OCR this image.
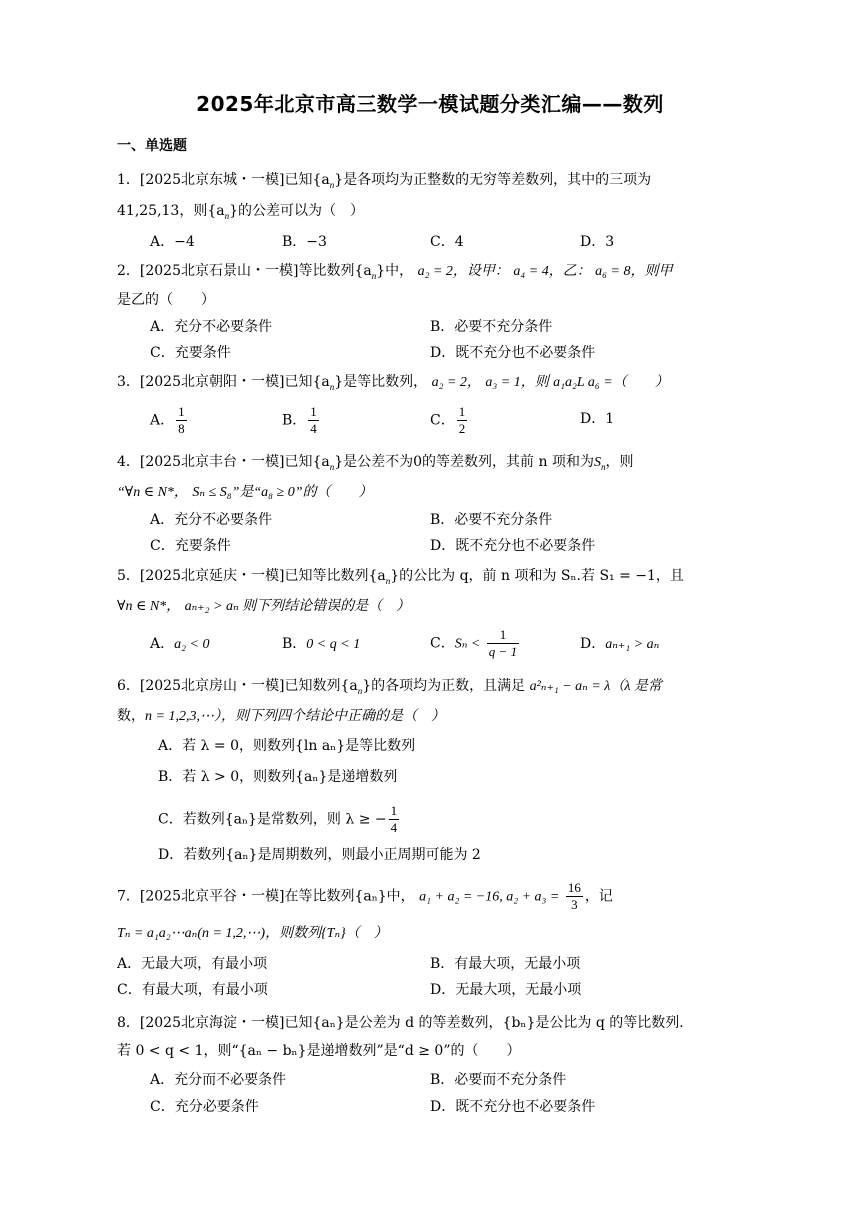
2025年北京市高三数学一模试题分类汇编——数列
一、单选题
1．[2025北京东城・一模]已知$\{a_n\}$是各项均为正整数的无穷等差数列，其中的三项为
41,25,13，则$\{a_n\}$的公差可以为（　）
A．−4	B．−3	C．4	D．3
2．[2025北京石景山・一模]等比数列$\{a_n\}$中， a₂ = 2，设甲： a₄ = 4，乙： a₆ = 8，则甲
是乙的（　　）
A．充分不必要条件	B．必要不充分条件
C．充要条件	D．既不充分也不必要条件
3．[2025北京朝阳・一模]已知$\{a_n\}$是等比数列， a₂ = 2， a₃ = 1，则 a₁a₂L a₆ =（　　）
A． $\frac{1}{8}$	B． $\frac{1}{4}$	C． $\frac{1}{2}$	D．1
4．[2025北京丰台・一模]已知$\{a_n\}$是公差不为0的等差数列，其前 n 项和为$S_n$，则
“∀n ∈ N*， Sₙ ≤ S₈”是“a₈ ≥ 0”的（　　）
A．充分不必要条件	B．必要不充分条件
C．充要条件	D．既不充分也不必要条件
5．[2025北京延庆・一模]已知等比数列$\{a_n\}$的公比为 q，前 n 项和为 Sₙ.若 S₁ = −1，且
∀n ∈ N*， aₙ₊₂ > aₙ 则下列结论错误的是（　）
A．a₂ < 0	B．0 < q < 1	C．$S_n < \frac{1}{q - 1}$	D．aₙ₊₁ > aₙ
6．[2025北京房山・一模]已知数列$\{a_n\}$的各项均为正数，且满足 a²ₙ₊₁ − aₙ = λ（λ 是常
数，n = 1,2,3,⋯），则下列四个结论中正确的是（　）
A．若 λ = 0，则数列{ln aₙ}是等比数列
B．若 λ > 0，则数列{aₙ}是递增数列
C．若数列{aₙ}是常数列，则 λ ≥ − $\frac{1}{4}$
D．若数列{aₙ}是周期数列，则最小正周期可能为 2
7．[2025北京平谷・一模]在等比数列{aₙ}中， a₁ + a₂ = −16, $a_2 + a_3 = \frac{16}{3}$ ，记
Tₙ = a₁a₂⋯aₙ(n = 1,2,⋯)，则数列{Tₙ}（　）
A．无最大项，有最小项	B．有最大项，无最小项
C．有最大项，有最小项	D．无最大项，无最小项
8．[2025北京海淀・一模]已知{aₙ}是公差为 d 的等差数列，{bₙ}是公比为 q 的等比数列.
若 0 < q < 1，则“{aₙ − bₙ}是递增数列”是“d ≥ 0”的（　　）
A．充分而不必要条件	B．必要而不充分条件
C．充分必要条件	D．既不充分也不必要条件
